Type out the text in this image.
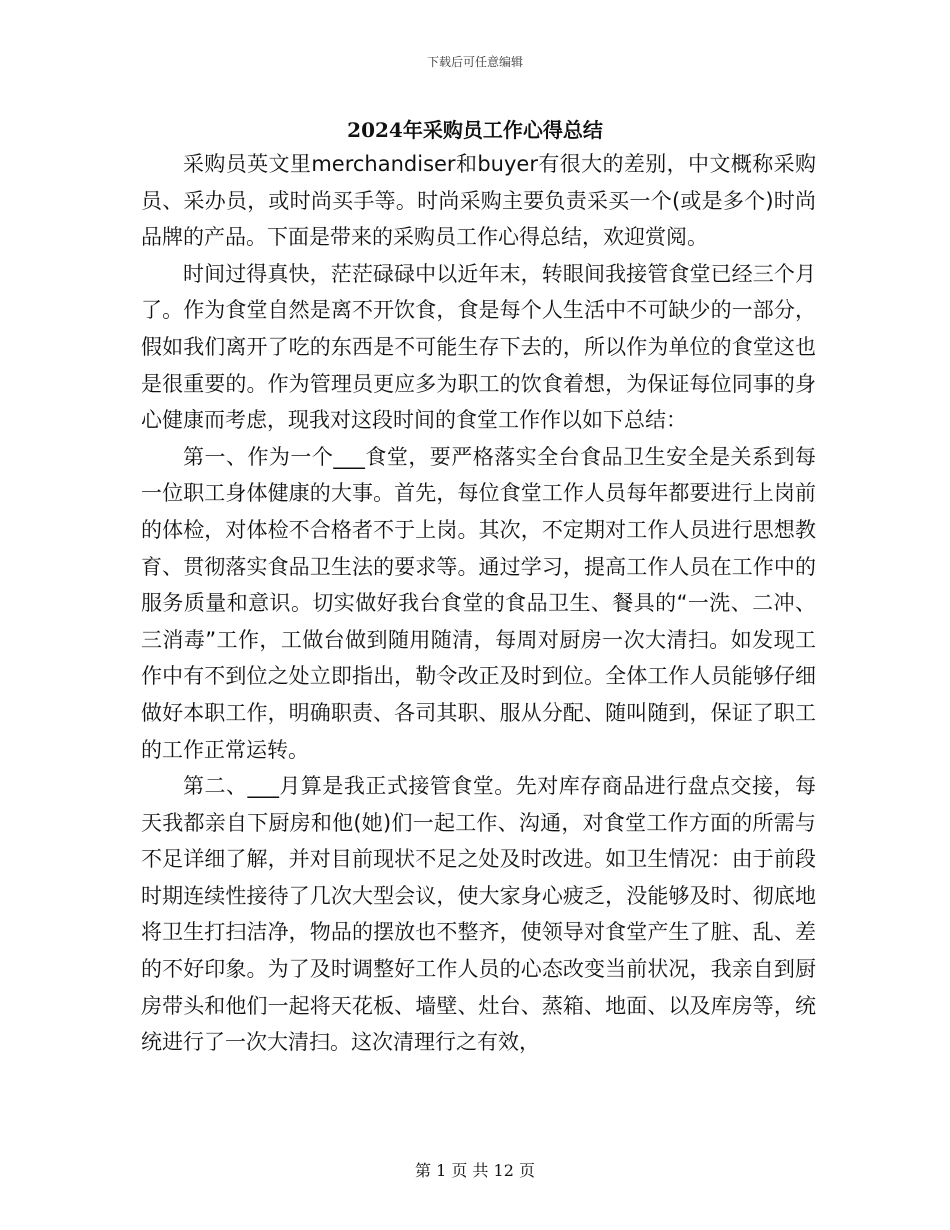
下载后可任意编辑
2024年采购员工作心得总结

采购员英文里merchandiser和buyer有很大的差别，中文概称采购员、采办员，或时尚买手等。时尚采购主要负责采买一个(或是多个)时尚品牌的产品。下面是带来的采购员工作心得总结，欢迎赏阅。

时间过得真快，茫茫碌碌中以近年末，转眼间我接管食堂已经三个月了。作为食堂自然是离不开饮食，食是每个人生活中不可缺少的一部分，假如我们离开了吃的东西是不可能生存下去的，所以作为单位的食堂这也是很重要的。作为管理员更应多为职工的饮食着想，为保证每位同事的身心健康而考虑，现我对这段时间的食堂工作作以如下总结：

第一、作为一个___食堂，要严格落实全台食品卫生安全是关系到每一位职工身体健康的大事。首先，每位食堂工作人员每年都要进行上岗前的体检，对体检不合格者不于上岗。其次，不定期对工作人员进行思想教育、贯彻落实食品卫生法的要求等。通过学习，提高工作人员在工作中的服务质量和意识。切实做好我台食堂的食品卫生、餐具的“一洗、二冲、三消毒”工作，工做台做到随用随清，每周对厨房一次大清扫。如发现工作中有不到位之处立即指出，勒令改正及时到位。全体工作人员能够仔细做好本职工作，明确职责、各司其职、服从分配、随叫随到，保证了职工的工作正常运转。

第二、___月算是我正式接管食堂。先对库存商品进行盘点交接，每天我都亲自下厨房和他(她)们一起工作、沟通，对食堂工作方面的所需与不足详细了解，并对目前现状不足之处及时改进。如卫生情况：由于前段时期连续性接待了几次大型会议，使大家身心疲乏，没能够及时、彻底地将卫生打扫洁净，物品的摆放也不整齐，使领导对食堂产生了脏、乱、差的不好印象。为了及时调整好工作人员的心态改变当前状况，我亲自到厨房带头和他们一起将天花板、墙壁、灶台、蒸箱、地面、以及库房等，统统进行了一次大清扫。这次清理行之有效，

第 1 页 共 12 页
